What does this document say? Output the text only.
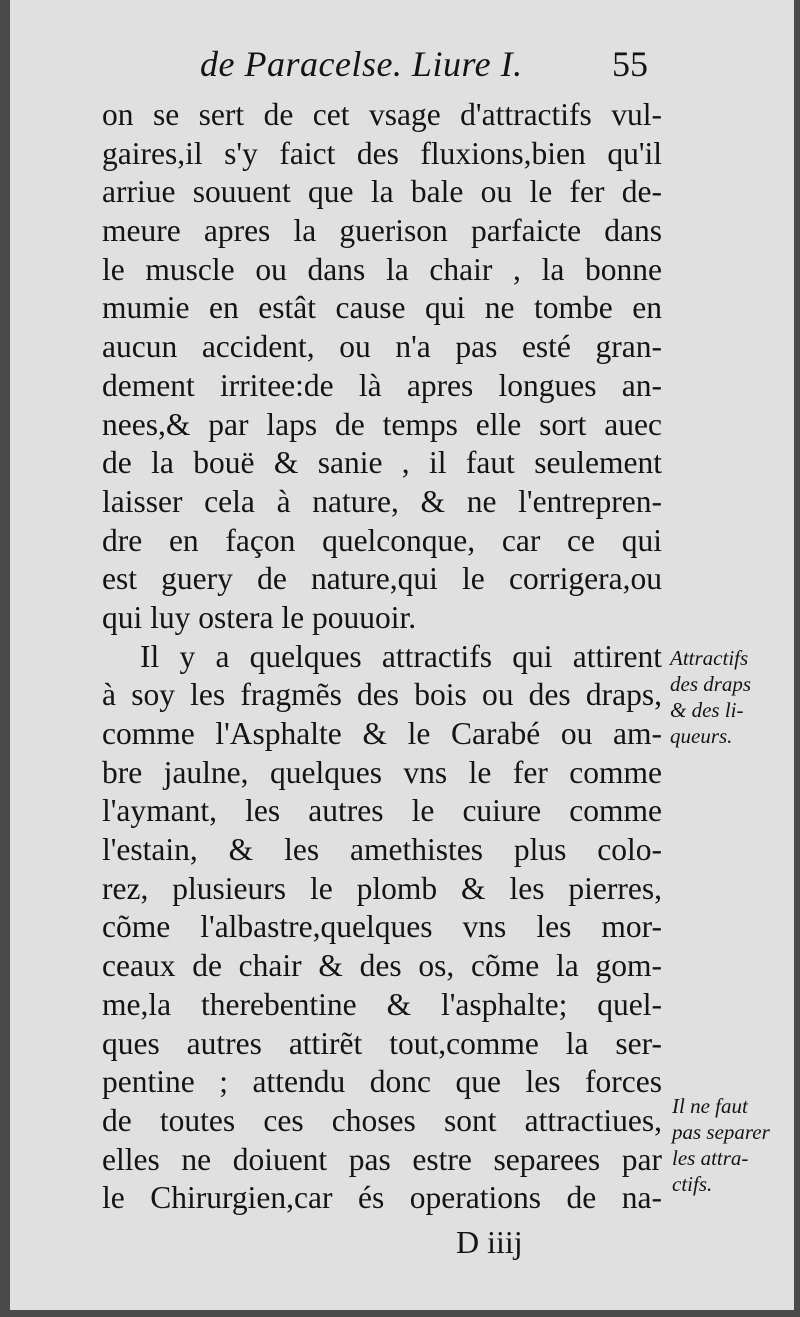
de Paracelse. Liure I. 55
on se sert de cet vsage d'attractifs vul-
gaires,il s'y faict des fluxions,bien qu'il
arriue souuent que la bale ou le fer de-
meure apres la guerison parfaicte dans
le muscle ou dans la chair , la bonne
mumie en estât cause qui ne tombe en
aucun accident, ou n'a pas esté gran-
dement irritee:de là apres longues an-
nees,& par laps de temps elle sort auec
de la bouë & sanie , il faut seulement
laisser cela à nature, & ne l'entrepren-
dre en façon quelconque, car ce qui
est guery de nature,qui le corrigera,ou
qui luy ostera le pouuoir.
Il y a quelques attractifs qui attirent
à soy les fragmẽs des bois ou des draps,
comme l'Asphalte & le Carabé ou am-
bre jaulne, quelques vns le fer comme
l'aymant, les autres le cuiure comme
l'estain, & les amethistes plus colo-
rez, plusieurs le plomb & les pierres,
cõme l'albastre,quelques vns les mor-
ceaux de chair & des os, cõme la gom-
me,la therebentine & l'asphalte; quel-
ques autres attirẽt tout,comme la ser-
pentine ; attendu donc que les forces
de toutes ces choses sont attractiues,
elles ne doiuent pas estre separees par
le Chirurgien,car és operations de na-
Attractifs
des draps
& des li-
queurs.
Il ne faut
pas separer
les attra-
ctifs.
D iiij
